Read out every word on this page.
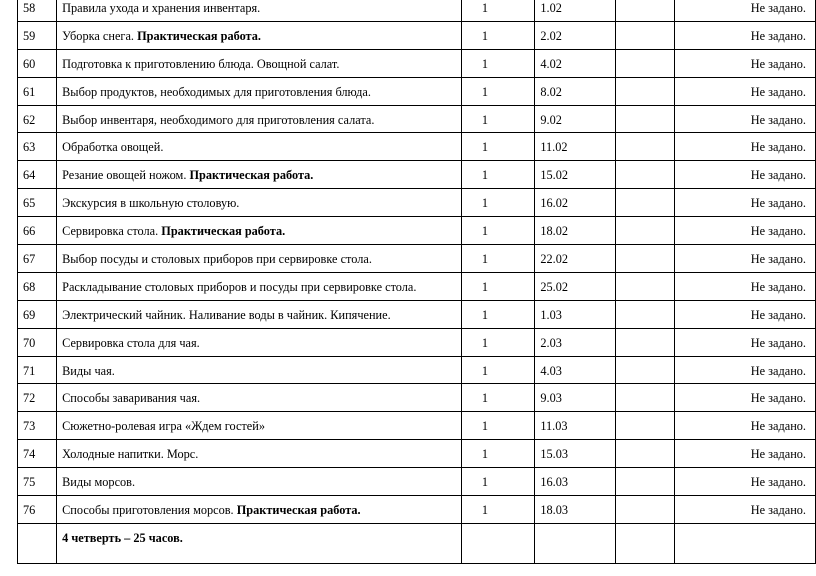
58	Правила ухода и хранения инвентаря.	1	1.02		Не задано.
59	Уборка снега. Практическая работа.	1	2.02		Не задано.
60	Подготовка к приготовлению блюда. Овощной салат.	1	4.02		Не задано.
61	Выбор продуктов, необходимых для приготовления блюда.	1	8.02		Не задано.
62	Выбор инвентаря, необходимого для приготовления салата.	1	9.02		Не задано.
63	Обработка овощей.	1	11.02		Не задано.
64	Резание овощей ножом. Практическая работа.	1	15.02		Не задано.
65	Экскурсия в школьную столовую.	1	16.02		Не задано.
66	Сервировка стола. Практическая работа.	1	18.02		Не задано.
67	Выбор посуды и столовых приборов при сервировке стола.	1	22.02		Не задано.
68	Раскладывание столовых приборов и посуды при сервировке стола.	1	25.02		Не задано.
69	Электрический чайник. Наливание воды в чайник. Кипячение.	1	1.03		Не задано.
70	Сервировка стола для чая.	1	2.03		Не задано.
71	Виды чая.	1	4.03		Не задано.
72	Способы заваривания чая.	1	9.03		Не задано.
73	Сюжетно-ролевая игра «Ждем гостей»	1	11.03		Не задано.
74	Холодные напитки. Морс.	1	15.03		Не задано.
75	Виды морсов.	1	16.03		Не задано.
76	Способы приготовления морсов. Практическая работа.	1	18.03		Не задано.
	4 четверть – 25 часов.				
